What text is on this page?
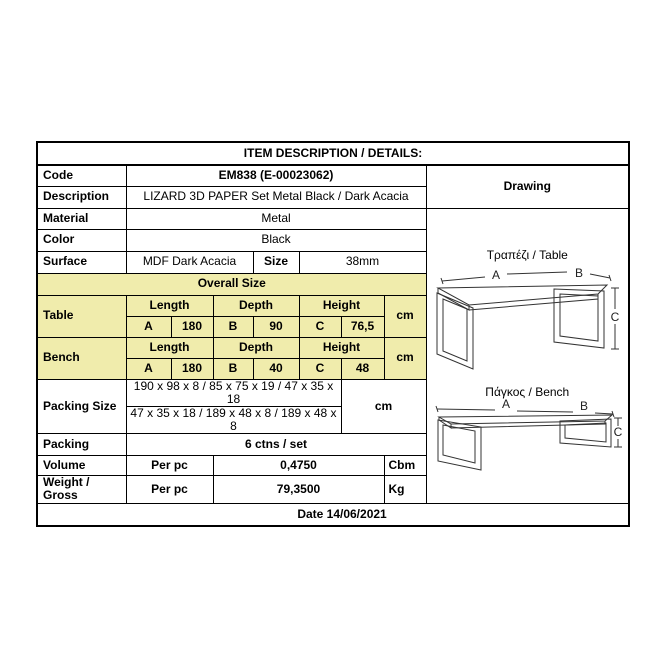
ITEM DESCRIPTION / DETAILS:								
Code	EM838 (E-00023062)							Drawing
Description	LIZARD 3D PAPER Set Metal Black / Dark Acacia							
Material	Metal	
Τραπέζι / Table
A	B
C
Πάγκος / Bench
A	B
C

Color	Black							
Surface	MDF Dark Acacia			Size	38mm			
Overall Size								
Table	Length		Depth		Height		cm	
	A	180	B	90	C	76,5		
Bench	Length		Depth		Height		cm	
	A	180	B	40	C	48		
Packing Size	190 x 98 x 8 / 85 x 75 x 19 / 47 x 35 x 18					cm		
	47 x 35 x 18 / 189 x 48 x 8 / 189 x 48 x 8							
Packing	6 ctns / set							
Volume	Per pc		0,4750				Cbm	
Weight / Gross	Per pc		79,3500				Kg	
Date 14/06/2021								
